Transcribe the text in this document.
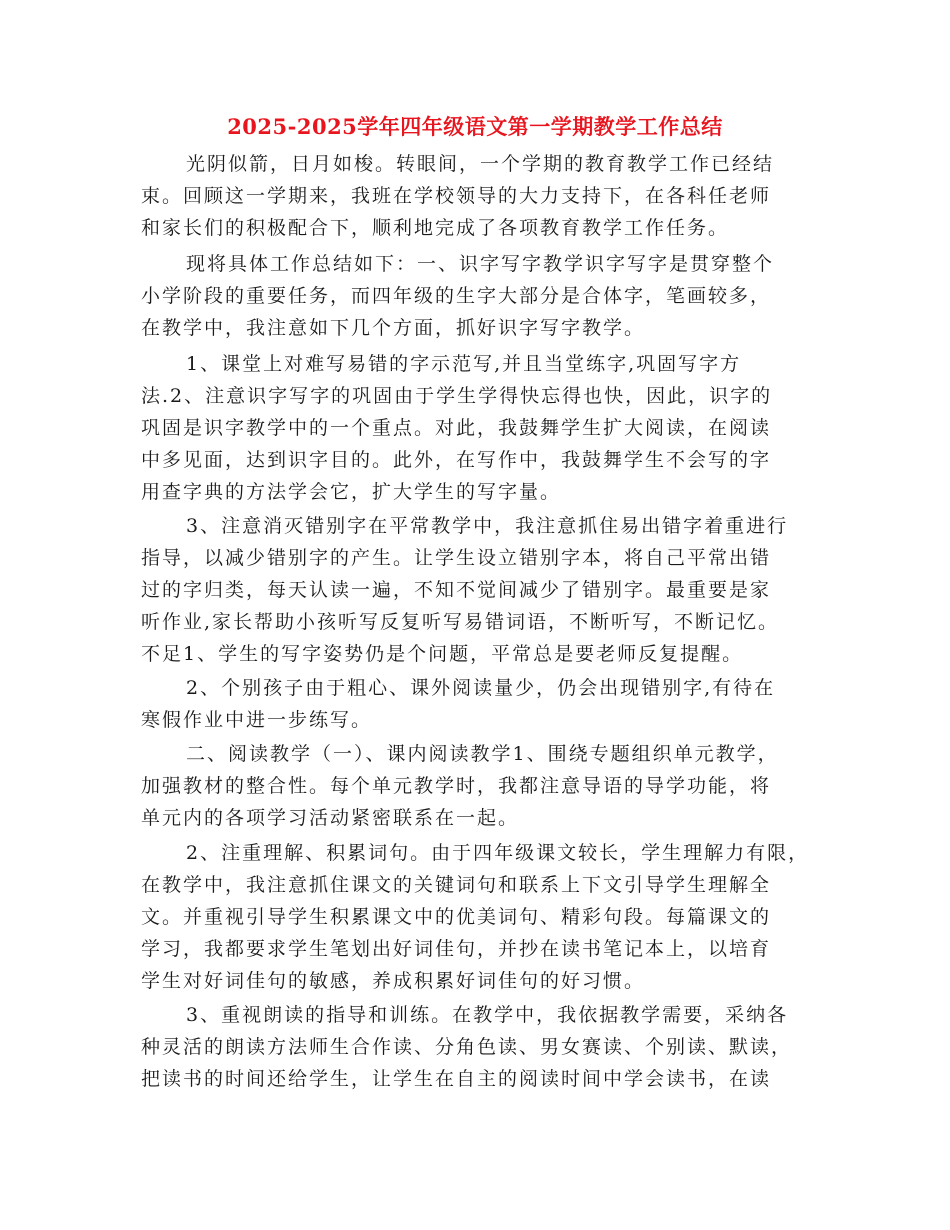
2025-2025学年四年级语文第一学期教学工作总结
光阴似箭，日月如梭。转眼间，一个学期的教育教学工作已经结
束。回顾这一学期来，我班在学校领导的大力支持下，在各科任老师
和家长们的积极配合下，顺利地完成了各项教育教学工作任务。
现将具体工作总结如下：一、识字写字教学识字写字是贯穿整个
小学阶段的重要任务，而四年级的生字大部分是合体字，笔画较多，
在教学中，我注意如下几个方面，抓好识字写字教学。
1、课堂上对难写易错的字示范写,并且当堂练字,巩固写字方
法.2、注意识字写字的巩固由于学生学得快忘得也快，因此，识字的
巩固是识字教学中的一个重点。对此，我鼓舞学生扩大阅读，在阅读
中多见面，达到识字目的。此外，在写作中，我鼓舞学生不会写的字
用查字典的方法学会它，扩大学生的写字量。
3、注意消灭错别字在平常教学中，我注意抓住易出错字着重进行
指导，以减少错别字的产生。让学生设立错别字本，将自己平常出错
过的字归类，每天认读一遍，不知不觉间减少了错别字。最重要是家
听作业,家长帮助小孩听写反复听写易错词语，不断听写，不断记忆。
不足1、学生的写字姿势仍是个问题，平常总是要老师反复提醒。
2、个别孩子由于粗心、课外阅读量少，仍会出现错别字,有待在
寒假作业中进一步练写。
二、阅读教学（一）、课内阅读教学1、围绕专题组织单元教学，
加强教材的整合性。每个单元教学时，我都注意导语的导学功能，将
单元内的各项学习活动紧密联系在一起。
2、注重理解、积累词句。由于四年级课文较长，学生理解力有限，
在教学中，我注意抓住课文的关键词句和联系上下文引导学生理解全
文。并重视引导学生积累课文中的优美词句、精彩句段。每篇课文的
学习，我都要求学生笔划出好词佳句，并抄在读书笔记本上，以培育
学生对好词佳句的敏感，养成积累好词佳句的好习惯。
3、重视朗读的指导和训练。在教学中，我依据教学需要，采纳各
种灵活的朗读方法师生合作读、分角色读、男女赛读、个别读、默读，
把读书的时间还给学生，让学生在自主的阅读时间中学会读书，在读
